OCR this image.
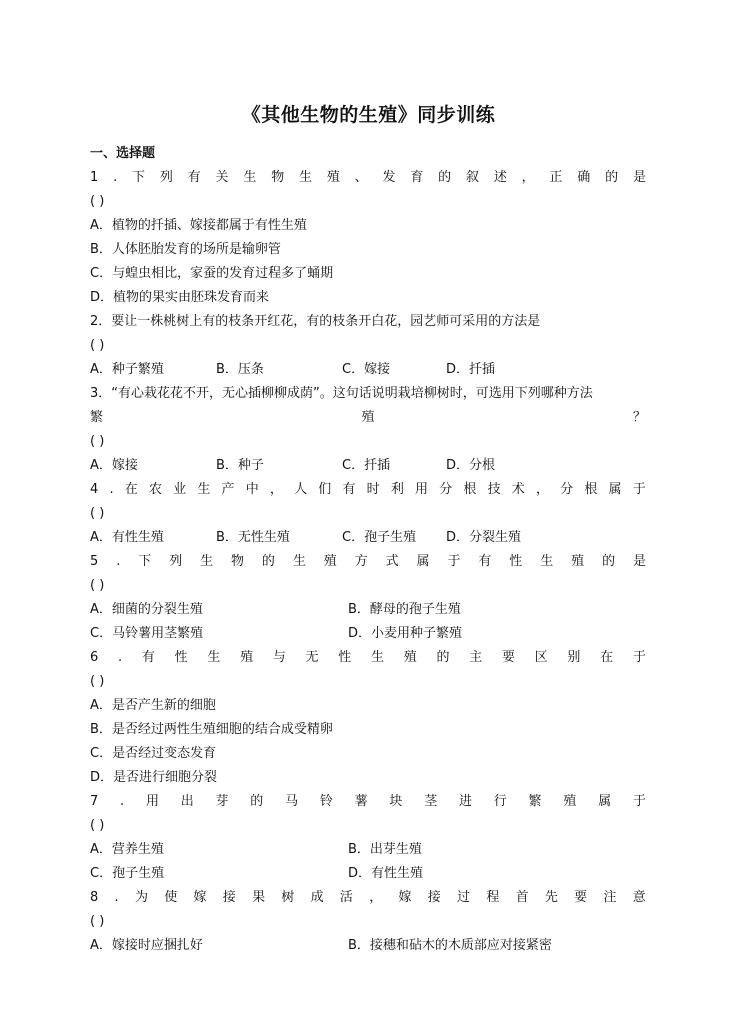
《其他生物的生殖》同步训练
一、选择题
1 . 下 列 有 关 生 物 生 殖 、 发 育 的 叙 述 ， 正 确 的 是
( )
A．植物的扦插、嫁接都属于有性生殖
B．人体胚胎发育的场所是输卵管
C．与蝗虫相比，家蚕的发育过程多了蛹期
D．植物的果实由胚珠发育而来
2．要让一株桃树上有的枝条开红花，有的枝条开白花，园艺师可采用的方法是
( )
A．种子繁殖	B．压条	C．嫁接	D．扦插
3．“有心栽花花不开，无心插柳柳成荫”。这句话说明栽培柳树时，可选用下列哪种方法
繁	殖	？
( )
A．嫁接	B．种子	C．扦插	D．分根
4 . 在 农 业 生 产 中 ， 人 们 有 时 利 用 分 根 技 术 ， 分 根 属 于
( )
A．有性生殖	B．无性生殖	C．孢子生殖	D．分裂生殖
5 . 下 列 生 物 的 生 殖 方 式 属 于 有 性 生 殖 的 是
( )
A．细菌的分裂生殖	B．酵母的孢子生殖
C．马铃薯用茎繁殖	D．小麦用种子繁殖
6 . 有 性 生 殖 与 无 性 生 殖 的 主 要 区 别 在 于
( )
A．是否产生新的细胞
B．是否经过两性生殖细胞的结合成受精卵
C．是否经过变态发育
D．是否进行细胞分裂
7 . 用 出 芽 的 马 铃 薯 块 茎 进 行 繁 殖 属 于
( )
A．营养生殖	B．出芽生殖
C．孢子生殖	D．有性生殖
8 . 为 使 嫁 接 果 树 成 活 ， 嫁 接 过 程 首 先 要 注 意
( )
A．嫁接时应捆扎好	B．接穗和砧木的木质部应对接紧密
